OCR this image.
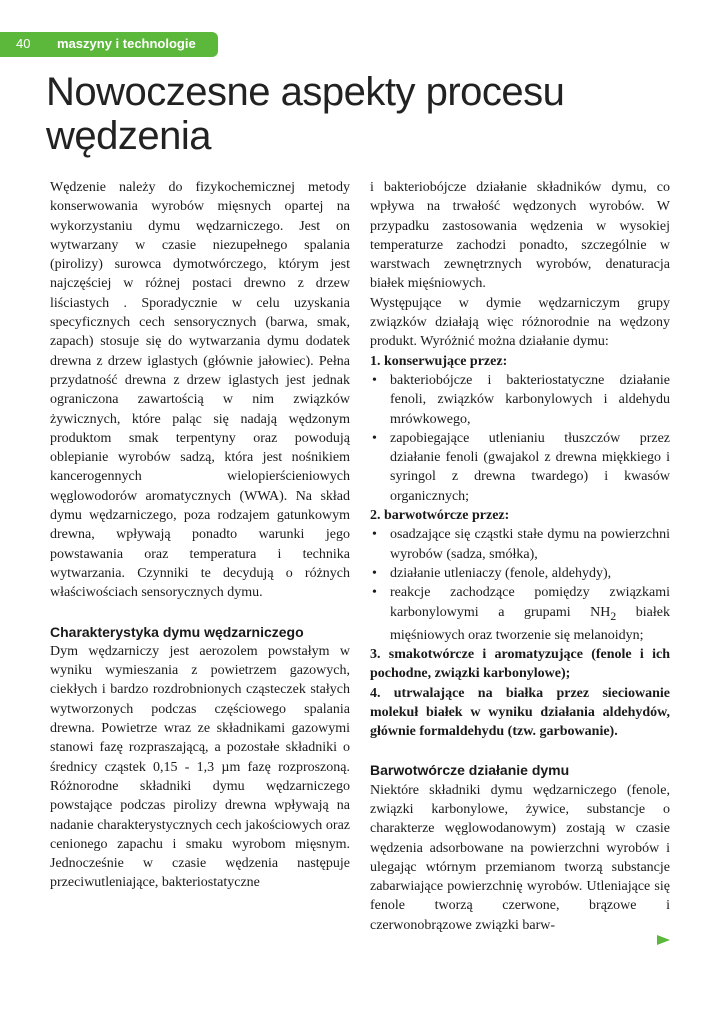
40 maszyny i technologie
Nowoczesne aspekty procesu wędzenia

Wędzenie należy do fizykochemicznej metody konserwowania wyrobów mięsnych opartej na wykorzystaniu dymu wędzarniczego. Jest on wytwarzany w czasie niezupełnego spalania (pirolizy) surowca dymotwórczego, którym jest najczęściej w różnej postaci drewno z drzew liściastych . Sporadycznie w celu uzyskania specyficznych cech sensorycznych (barwa, smak, zapach) stosuje się do wytwarzania dymu dodatek drewna z drzew iglastych (głównie jałowiec). Pełna przydatność drewna z drzew iglastych jest jednak ograniczona zawartością w nim związków żywicznych, które paląc się nadają wędzonym produktom smak terpentyny oraz powodują oblepianie wyrobów sadzą, która jest nośnikiem kancerogennych wielopierścieniowych węglowodorów aromatycznych (WWA). Na skład dymu wędzarniczego, poza rodzajem gatunkowym drewna, wpływają ponadto warunki jego powstawania oraz temperatura i technika wytwarzania. Czynniki te decydują o różnych właściwościach sensorycznych dymu.

Charakterystyka dymu wędzarniczego

Dym wędzarniczy jest aerozolem powstałym w wyniku wymieszania z powietrzem gazowych, ciekłych i bardzo rozdrobnionych cząsteczek stałych wytworzonych podczas częściowego spalania drewna. Powietrze wraz ze składnikami gazowymi stanowi fazę rozpraszającą, a pozostałe składniki o średnicy cząstek 0,15 - 1,3 µm fazę rozproszoną. Różnorodne składniki dymu wędzarniczego powstające podczas pirolizy drewna wpływają na nadanie charakterystycznych cech jakościowych oraz cenionego zapachu i smaku wyrobom mięsnym. Jednocześnie w czasie wędzenia następuje przeciwutleniające, bakteriostatyczne

i bakteriobójcze działanie składników dymu, co wpływa na trwałość wędzonych wyrobów. W przypadku zastosowania wędzenia w wysokiej temperaturze zachodzi ponadto, szczególnie w warstwach zewnętrznych wyrobów, denaturacja białek mięśniowych.

Występujące w dymie wędzarniczym grupy związków działają więc różnorodnie na wędzony produkt. Wyróżnić można działanie dymu:

1. konserwujące przez:

• bakteriobójcze i bakteriostatyczne działanie fenoli, związków karbonylowych i aldehydu mrówkowego,
• zapobiegające utlenianiu tłuszczów przez działanie fenoli (gwajakol z drewna miękkiego i syringol z drewna twardego) i kwasów organicznych;

2. barwotwórcze przez:

• osadzające się cząstki stałe dymu na powierzchni wyrobów (sadza, smółka),
• działanie utleniaczy (fenole, aldehydy),
• reakcje zachodzące pomiędzy związkami karbonylowymi a grupami $NH_2$ białek mięśniowych oraz tworzenie się melanoidyn;

3. smakotwórcze i aromatyzujące (fenole i ich pochodne, związki karbonylowe);

4. utrwalające na białka przez sieciowanie molekuł białek w wyniku działania aldehydów, głównie formaldehydu (tzw. garbowanie).

Barwotwórcze działanie dymu

Niektóre składniki dymu wędzarniczego (fenole, związki karbonylowe, żywice, substancje o charakterze węglowodanowym) zostają w czasie wędzenia adsorbowane na powierzchni wyrobów i ulegając wtórnym przemianom tworzą substancje zabarwiające powierzchnię wyrobów. Utleniające się fenole tworzą czerwone, brązowe i czerwonobrązowe związki barw-
